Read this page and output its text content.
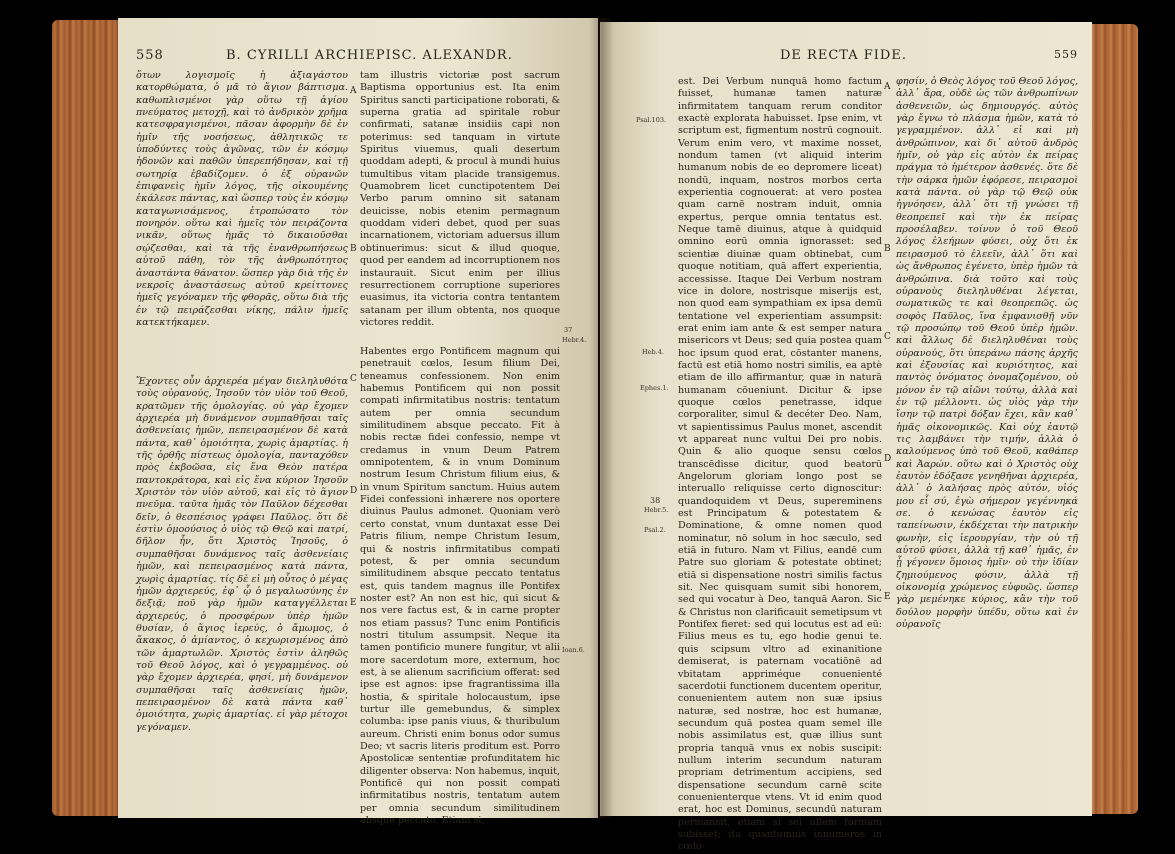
558	B. CYRILLI ARCHIEPISC. ALEXANDR.
ὅτων λογισμοῖς ἡ ἀξιαγάστου κατορθώματα, ὁ μᾶ τὸ ἅγιον βάπτισμα. καθωπλισμένοι γὰρ οὕτω τῇ ἁγίου πνεύματος μετοχῇ, καὶ τὸ ἀνδρικὸν χρῆμα κατεσφραγισμένοι, πᾶσαν ἀφορμὴν δὲ ἐν ἡμῖν τῆς νοσήσεως, ἀθλητικῶς τε ὑποδύντες τοὺς ἀγῶνας, τῶν ἐν κόσμῳ ἡδονῶν καὶ παθῶν ὑπερεπήδησαν, καὶ τῇ σωτηρίᾳ ἐβαδίζομεν. ὁ ἐξ οὐρανῶν ἐπιφανεὶς ἡμῖν λόγος, τῆς οἰκουμένης ἐκάλεσε πάντας, καὶ ὥσπερ τοὺς ἐν κόσμῳ καταγωνισάμενος, ἐτροπώσατο τὸν πονηρόν. οὕτω καὶ ἡμεῖς τὸν πειράζοντα νικᾶν, οὕτως ἡμᾶς τὸ δικαιοῦσθαι σῴζεσθαι, καὶ τὰ τῆς ἐνανθρωπήσεως αὐτοῦ πάθη, τὸν τῆς ἀνθρωπότητος ἀναστάντα θάνατον. ὥσπερ γὰρ διὰ τῆς ἐν νεκροῖς ἀναστάσεως αὐτοῦ κρείττονες ἡμεῖς γεγόναμεν τῆς φθορᾶς, οὕτω διὰ τῆς ἐν τῷ πειράζεσθαι νίκης, πάλιν ἡμεῖς κατεκτήκαμεν.
Ἔχοντες οὖν ἀρχιερέα μέγαν διεληλυθότα τοὺς οὐρανούς, Ἰησοῦν τὸν υἱὸν τοῦ Θεοῦ, κρατῶμεν τῆς ὁμολογίας. οὐ γὰρ ἔχομεν ἀρχιερέα μὴ δυνάμενον συμπαθῆσαι ταῖς ἀσθενείαις ἡμῶν, πεπειρασμένον δὲ κατὰ πάντα, καθ᾽ ὁμοιότητα, χωρὶς ἁμαρτίας. ἡ τῆς ὀρθῆς πίστεως ὁμολογία, πανταχόθεν πρὸς ἐκβοῶσα, εἰς ἕνα Θεὸν πατέρα παντοκράτορα, καὶ εἰς ἕνα κύριον Ἰησοῦν Χριστὸν τὸν υἱὸν αὐτοῦ, καὶ εἰς τὸ ἅγιον πνεῦμα. ταῦτα ἡμᾶς τὸν Παῦλον δέχεσθαι δεῖν, ὁ θεσπέσιος γράφει Παῦλος. ὅτι δὲ ἐστὶν ὁμοούσιος ὁ υἱὸς τῷ Θεῷ καὶ πατρί, δῆλον ἦν, ὅτι Χριστὸς Ἰησοῦς, ὁ συμπαθῆσαι δυνάμενος ταῖς ἀσθενείαις ἡμῶν, καὶ πεπειρασμένος κατὰ πάντα, χωρὶς ἁμαρτίας. τίς δὲ εἰ μὴ οὗτος ὁ μέγας ἡμῶν ἀρχιερεύς, ἐφ᾽ ᾧ ὁ μεγαλωσύνης ἐν δεξιᾷ; ποῦ γὰρ ἡμῶν καταγγέλλεται ἀρχιερεύς, ὁ προσφέρων ὑπὲρ ἡμῶν θυσίαν, ὁ ἅγιος ἱερεύς, ὁ ἄμωμος, ὁ ἄκακος, ὁ ἀμίαντος, ὁ κεχωρισμένος ἀπὸ τῶν ἁμαρτωλῶν. Χριστὸς ἐστὶν ἀληθῶς τοῦ Θεοῦ λόγος, καὶ ὁ γεγραμμένος. οὐ γὰρ ἔχομεν ἀρχιερέα, φησί, μὴ δυνάμενον συμπαθῆσαι ταῖς ἀσθενείαις ἡμῶν, πεπειρασμένον δὲ κατὰ πάντα καθ᾽ ὁμοιότητα, χωρὶς ἁμαρτίας. εἰ γὰρ μέτοχοι γεγόναμεν.
tam illustris victoriæ post sacrum Baptisma opportunius est. Ita enim Spiritus sancti participatione roborati, & superna gratia ad spiritale robur confirmati, satanæ insidiis capi non poterimus: sed tanquam in virtute Spiritus viuemus, quali desertum quoddam adepti, & procul à mundi huius tumultibus vitam placide transigemus. Quamobrem licet cunctipotentem Dei Verbo parum omnino sit satanam deuicisse, nobis etenim permagnum quoddam videri debet, quod per suas incarnationem, victoriam aduersus illum obtinuerimus: sicut & illud quoque, quod per eandem ad incorruptionem nos instaurauit. Sicut enim per illius resurrectionem corruptione superiores euasimus, ita victoria contra tentantem satanam per illum obtenta, nos quoque victores reddit.
Habentes ergo Pontificem magnum qui penetrauit cœlos, Iesum filium Dei, teneamus confessionem. Non enim habemus Pontificem qui non possit compati infirmitatibus nostris: tentatum autem per omnia secundum similitudinem absque peccato. Fit à nobis rectæ fidei confessio, nempe vt credamus in vnum Deum Patrem omnipotentem, & in vnum Dominum nostrum Iesum Christum filium eius, & in vnum Spiritum sanctum. Huius autem Fidei confessioni inhærere nos oportere diuinus Paulus admonet. Quoniam verò certo constat, vnum duntaxat esse Dei Patris filium, nempe Christum Iesum, qui & nostris infirmitatibus compati potest, & per omnia secundum similitudinem absque peccato tentatus est, quis tandem magnus ille Pontifex noster est? An non est hic, qui sicut & nos vere factus est, & in carne propter nos etiam passus? Tunc enim Pontificis nostri titulum assumpsit. Neque ita tamen pontificio munere fungitur, vt alii more sacerdotum more, externum, hoc est, à se alienum sacrificium offerat: sed ipse est agnos: ipse fragrantissima illa hostia, & spiritale holocaustum, ipse turtur ille gemebundus, & simplex columba: ipse panis viuus, & thuribulum aureum. Christi enim bonus odor sumus Deo; vt sacris literis proditum est. Porro Apostolicæ sententiæ profunditatem hic diligenter observa: Non habemus, inquit, Pontificē qui non possit compati infirmitatibus nostris, tentatum autem per omnia secundum similitudinem absque peccato. Etiam si,
A
B
C
D
E
37
Hebr.4.
Ioan.6.
DE RECTA FIDE.	559
est. Dei Verbum nunquā homo factum fuisset, humanæ tamen naturæ infirmitatem tanquam rerum conditor exactè explorata habuisset. Ipse enim, vt scriptum est, figmentum nostrū cognouit. Verum enim vero, vt maxime nosset, nondum tamen (vt aliquid interim humanum nobis de eo depromere liceat) nondū, inquam, nostros morbos certa experientia cognouerat: at vero postea quam carnē nostram induit, omnia expertus, perque omnia tentatus est. Neque tamē diuinus, atque à quidquid omnino eorū omnia ignorasset: sed scientiæ diuinæ quam obtinebat, cum quoque notitiam, quā affert experientia, accessisse. Itaque Dei Verbum nostram vice in dolore, nostrisque miserijs est, non quod eam sympathiam ex ipsa demū tentatione vel experientiam assumpsit: erat enim iam ante & est semper natura misericors vt Deus; sed quia postea quam hoc ipsum quod erat, cōstanter manens, factū est etiā homo nostri similis, ea aptè etiam de illo affirmantur, quæ in naturā humanam cōueniunt. Dicitur & ipse quoque cœlos penetrasse, idque corporaliter, simul & decéter Deo. Nam, vt sapientissimus Paulus monet, ascendit vt appareat nunc vultui Dei pro nobis. Quin & alio quoque sensu cœlos transcēdisse dicitur, quod beatorū Angelorum gloriam longo post se interuallo reliquisse certo dignoscitur: quandoquidem vt Deus, supereminens est Principatum & potestatem & Dominatione, & omne nomen quod nominatur, nō solum in hoc sæculo, sed etiā in futuro. Nam vt Filius, eandē cum Patre suo gloriam & potestate obtinet; etiā si dispensatione nostri similis factus sit. Nec quisquam sumit sibi honorem, sed qui vocatur à Deo, tanquā Aaron. Sic & Christus non clarificauit semetipsum vt Pontifex fieret: sed qui locutus est ad eū: Filius meus es tu, ego hodie genui te. quis scipsum vltro ad exinanitione demiserat, is paternam vocatiōnē ad vbitatam appriméque conuenienté sacerdotii functionem ducentem operitur, conuenientem autem non suæ ipsius naturæ, sed nostræ, hoc est humanæ, secundum quā postea quam semel ille nobis assimilatus est, quæ illius sunt propria tanquā vnus ex nobis suscipit: nullum interim secundum naturam propriam detrimentum accipiens, sed dispensatione secundum carnē scite conuenienterque vtens. Vt id enim quod erat, hoc est Dominus, secundū naturam permansit, etiam si sei ullem formam subisset; ita quantumuis innumeros in cœlo
φησίν, ὁ Θεὸς λόγος τοῦ Θεοῦ λόγος, ἀλλ᾽ ἄρα, οὐδὲ ὡς τῶν ἀνθρωπίνων ἀσθενειῶν, ὡς δημιουργός. αὐτὸς γὰρ ἔγνω τὸ πλάσμα ἡμῶν, κατὰ τὸ γεγραμμένον. ἀλλ᾽ εἰ καὶ μὴ ἀνθρώπινον, καὶ δι᾽ αὐτοῦ ἀνδρὸς ἡμῖν, οὐ γὰρ εἰς αὐτὸν ἐκ πείρας πράγμα τὸ ἡμέτερον ἀσθενές. ὅτε δὲ τὴν σάρκα ἡμῶν ἐφόρεσε, πειρασμοὶ κατὰ πάντα. οὐ γὰρ τῷ Θεῷ οὐκ ἠγνόησεν, ἀλλ᾽ ὅτι τῇ γνώσει τῇ θεοπρεπεῖ καὶ τὴν ἐκ πείρας προσέλαβεν. τοίνυν ὁ τοῦ Θεοῦ λόγος ἐλεήμων φύσει, οὐχ ὅτι ἐκ πειρασμοῦ τὸ ἐλεεῖν, ἀλλ᾽ ὅτι καὶ ὡς ἄνθρωπος ἐγένετο, ὑπὲρ ἡμῶν τὰ ἀνθρώπινα. διὰ τοῦτο καὶ τοὺς οὐρανοὺς διεληλυθέναι λέγεται, σωματικῶς τε καὶ θεοπρεπῶς. ὡς σοφὸς Παῦλος, ἵνα ἐμφανισθῇ νῦν τῷ προσώπῳ τοῦ Θεοῦ ὑπὲρ ἡμῶν. καὶ ἄλλως δὲ διεληλυθέναι τοὺς οὐρανούς, ὅτι ὑπεράνω πάσης ἀρχῆς καὶ ἐξουσίας καὶ κυριότητος, καὶ παντὸς ὀνόματος ὀνομαζομένου, οὐ μόνον ἐν τῷ αἰῶνι τούτῳ, ἀλλὰ καὶ ἐν τῷ μέλλοντι. ὡς υἱὸς γὰρ τὴν ἴσην τῷ πατρὶ δόξαν ἔχει, κἂν καθ᾽ ἡμᾶς οἰκονομικῶς. Καὶ οὐχ ἑαυτῷ τις λαμβάνει τὴν τιμήν, ἀλλὰ ὁ καλούμενος ὑπὸ τοῦ Θεοῦ, καθάπερ καὶ Ἀαρών. οὕτω καὶ ὁ Χριστὸς οὐχ ἑαυτὸν ἐδόξασε γενηθῆναι ἀρχιερέα, ἀλλ᾽ ὁ λαλήσας πρὸς αὐτόν, υἱός μου εἶ σύ, ἐγὼ σήμερον γεγέννηκά σε. ὁ κενώσας ἑαυτὸν εἰς ταπείνωσιν, ἐκδέχεται τὴν πατρικὴν φωνὴν, εἰς ἱερουργίαν, τὴν οὐ τῇ αὐτοῦ φύσει, ἀλλὰ τῇ καθ᾽ ἡμᾶς, ἐν ᾗ γέγονεν ὅμοιος ἡμῖν· οὐ τὴν ἰδίαν ζημιούμενος φύσιν, ἀλλὰ τῇ οἰκονομίᾳ χρώμενος εὐφυῶς. ὥσπερ γὰρ μεμένηκε κύριος, κἂν τὴν τοῦ δούλου μορφὴν ὑπέδυ, οὕτω καὶ ἐν οὐρανοῖς
A
B
C
D
E
Psal.103.
Heb.4.
Ephes.1.
38
Hebr.5.
Psal.2.
